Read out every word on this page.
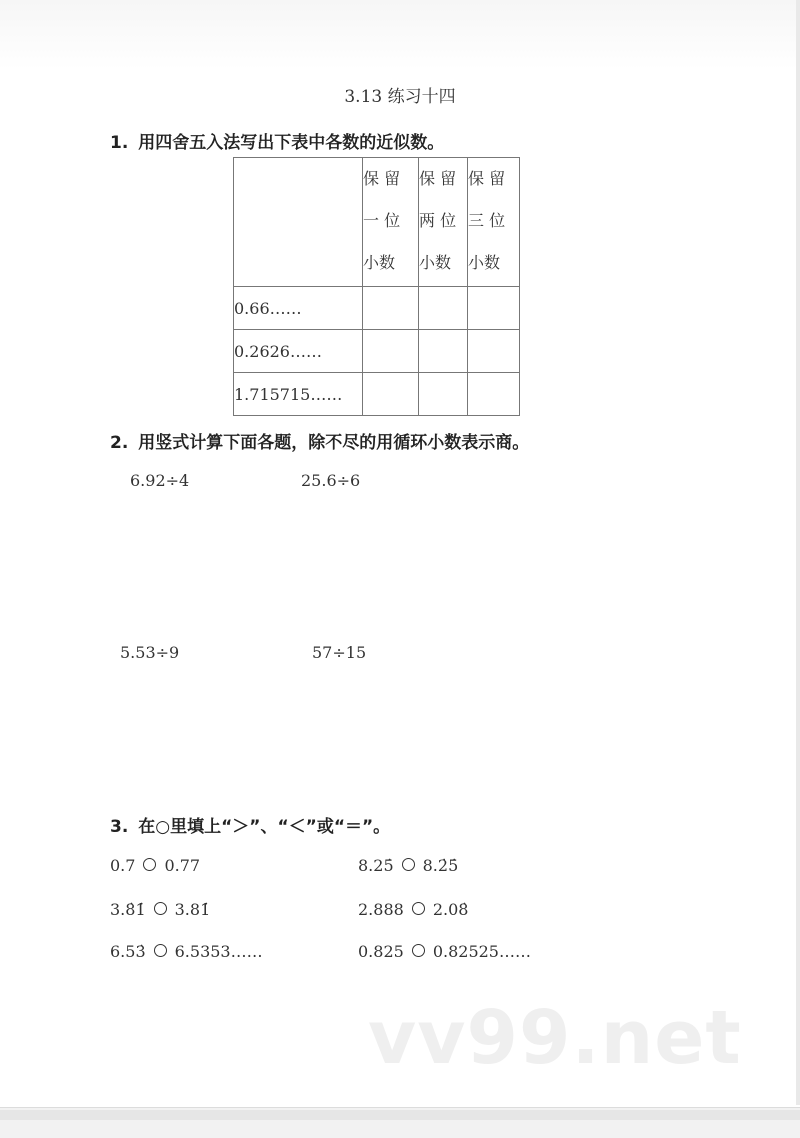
3.13 练习十四
1. 用四舍五入法写出下表中各数的近似数。

	保 留
一 位
小数	保 留
两 位
小数	保 留
三 位
小数

0.66……			
0.2626……			
1.715715……			
2. 用竖式计算下面各题，除不尽的用循环小数表示商。
6.92÷4	25.6÷6
5.53÷9	57÷15
3. 在○里填上“＞”、“＜”或“＝”。
0.7 0.77	8.25̇ 8.2̇5̇
3.8̇1̇ 3.81̇	2.888 2.08̇
6.53̇ 6.5353……	0.825 0.82525……
vv99.net
